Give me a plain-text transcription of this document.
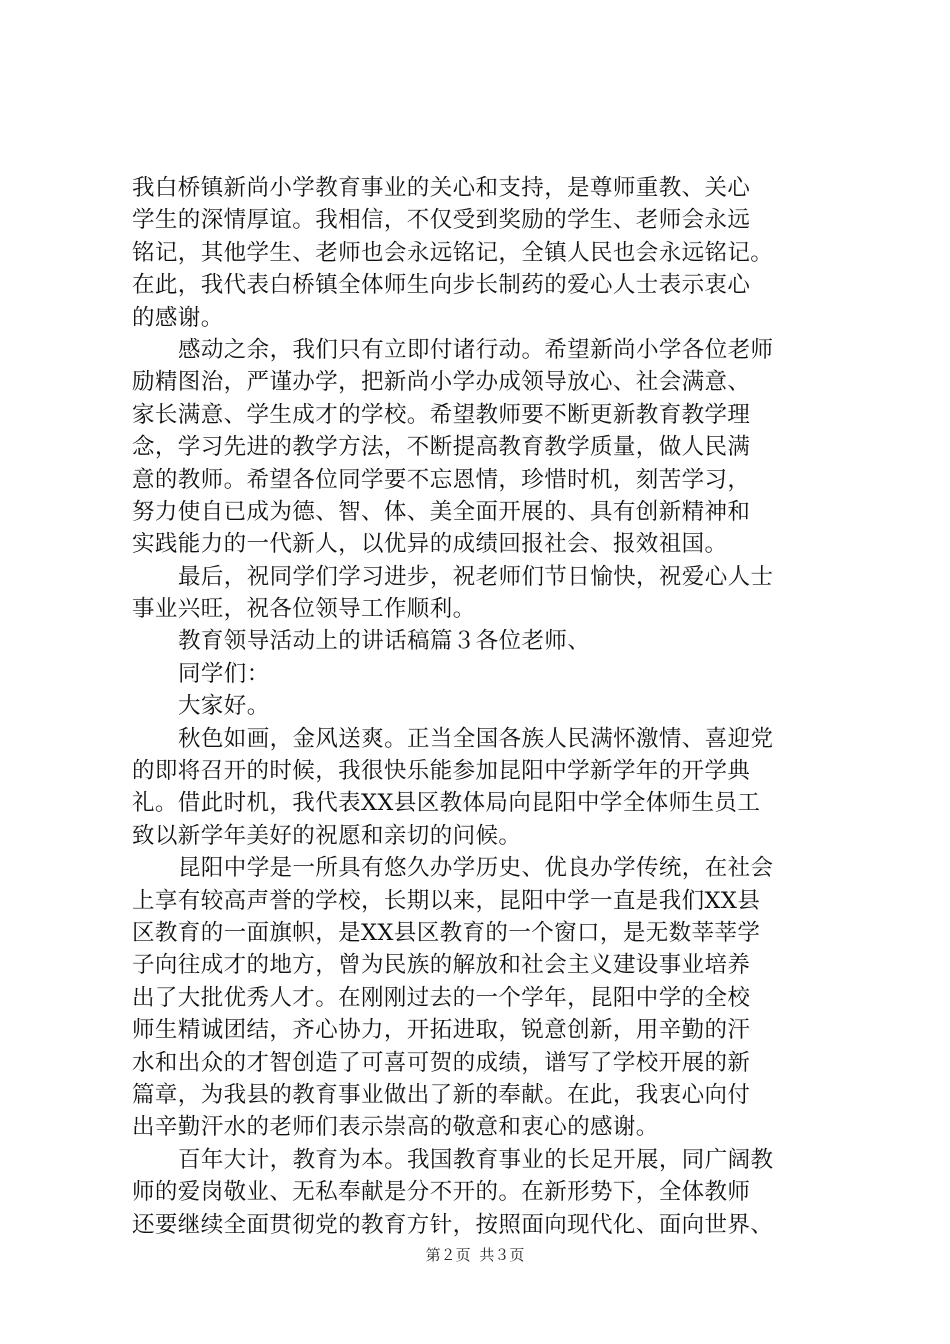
我白桥镇新尚小学教育事业的关心和支持，是尊师重教、关心
学生的深情厚谊。我相信，不仅受到奖励的学生、老师会永远
铭记，其他学生、老师也会永远铭记，全镇人民也会永远铭记。
在此，我代表白桥镇全体师生向步长制药的爱心人士表示衷心
的感谢。
感动之余，我们只有立即付诸行动。希望新尚小学各位老师
励精图治，严谨办学，把新尚小学办成领导放心、社会满意、
家长满意、学生成才的学校。希望教师要不断更新教育教学理
念，学习先进的教学方法，不断提高教育教学质量，做人民满
意的教师。希望各位同学要不忘恩情，珍惜时机，刻苦学习，
努力使自已成为德、智、体、美全面开展的、具有创新精神和
实践能力的一代新人，以优异的成绩回报社会、报效祖国。
最后，祝同学们学习进步，祝老师们节日愉快，祝爱心人士
事业兴旺，祝各位领导工作顺利。
教育领导活动上的讲话稿篇３各位老师、
同学们：
大家好。
秋色如画，金风送爽。正当全国各族人民满怀激情、喜迎党
的即将召开的时候，我很快乐能参加昆阳中学新学年的开学典
礼。借此时机，我代表XX县区教体局向昆阳中学全体师生员工
致以新学年美好的祝愿和亲切的问候。
昆阳中学是一所具有悠久办学历史、优良办学传统，在社会
上享有较高声誉的学校，长期以来，昆阳中学一直是我们XX县
区教育的一面旗帜，是XX县区教育的一个窗口，是无数莘莘学
子向往成才的地方，曾为民族的解放和社会主义建设事业培养
出了大批优秀人才。在刚刚过去的一个学年，昆阳中学的全校
师生精诚团结，齐心协力，开拓进取，锐意创新，用辛勤的汗
水和出众的才智创造了可喜可贺的成绩，谱写了学校开展的新
篇章，为我县的教育事业做出了新的奉献。在此，我衷心向付
出辛勤汗水的老师们表示崇高的敬意和衷心的感谢。
百年大计，教育为本。我国教育事业的长足开展，同广阔教
师的爱岗敬业、无私奉献是分不开的。在新形势下，全体教师
还要继续全面贯彻党的教育方针，按照面向现代化、面向世界、
第２页 共３页
